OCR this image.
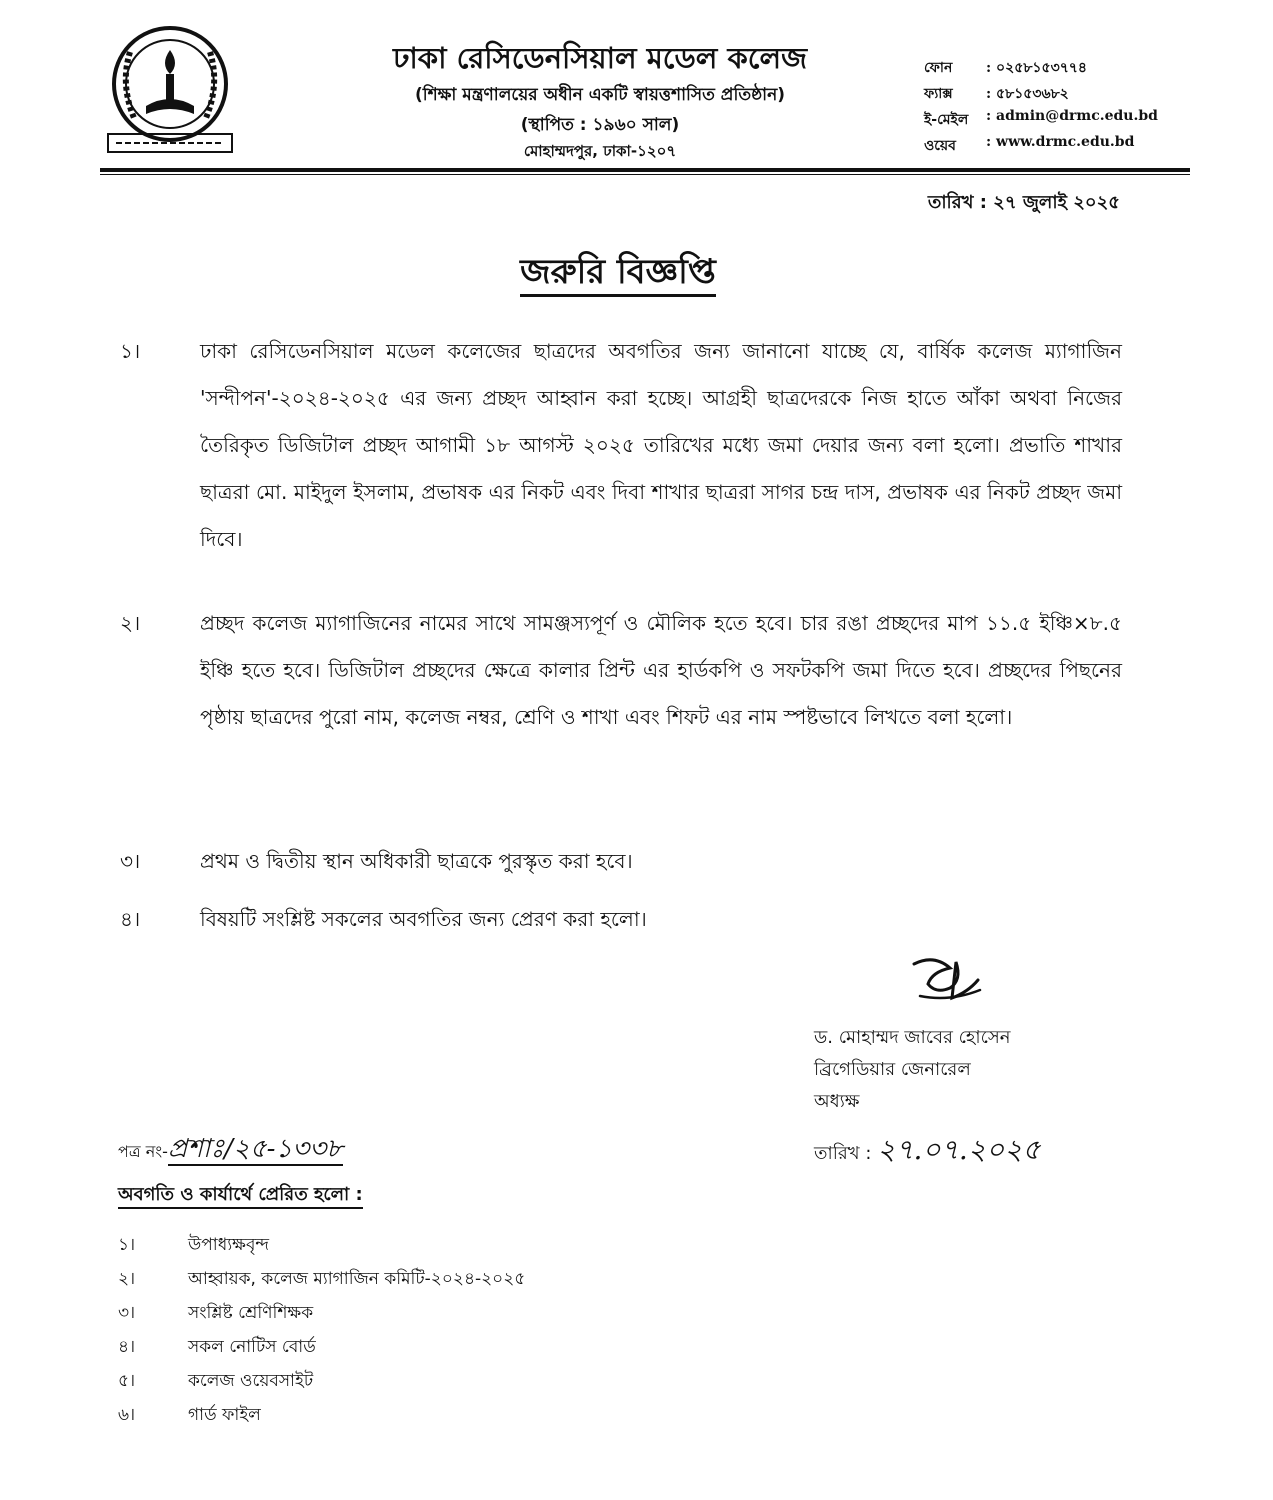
ঢাকা রেসিডেনসিয়াল মডেল কলেজ
(শিক্ষা মন্ত্রণালয়ের অধীন একটি স্বায়ত্তশাসিত প্রতিষ্ঠান)
(স্থাপিত : ১৯৬০ সাল)
মোহাম্মদপুর, ঢাকা-১২০৭
ফোন	: ০২৫৮১৫৩৭৭৪
ফ্যাক্স	: ৫৮১৫৩৬৮২
ই-মেইল	: admin@drmc.edu.bd
ওয়েব	: www.drmc.edu.bd
তারিখ : ২৭ জুলাই ২০২৫
জরুরি বিজ্ঞপ্তি
১।	ঢাকা রেসিডেনসিয়াল মডেল কলেজের ছাত্রদের অবগতির জন্য জানানো যাচ্ছে যে, বার্ষিক কলেজ ম্যাগাজিন 'সন্দীপন'-২০২৪-২০২৫ এর জন্য প্রচ্ছদ আহ্বান করা হচ্ছে। আগ্রহী ছাত্রদেরকে নিজ হাতে আঁকা অথবা নিজের তৈরিকৃত ডিজিটাল প্রচ্ছদ আগামী ১৮ আগস্ট ২০২৫ তারিখের মধ্যে জমা দেয়ার জন্য বলা হলো। প্রভাতি শাখার ছাত্ররা মো. মাইদুল ইসলাম, প্রভাষক এর নিকট এবং দিবা শাখার ছাত্ররা সাগর চন্দ্র দাস, প্রভাষক এর নিকট প্রচ্ছদ জমা দিবে।
২।	প্রচ্ছদ কলেজ ম্যাগাজিনের নামের সাথে সামঞ্জস্যপূর্ণ ও মৌলিক হতে হবে। চার রঙা প্রচ্ছদের মাপ ১১.৫ ইঞ্চি×৮.৫ ইঞ্চি হতে হবে। ডিজিটাল প্রচ্ছদের ক্ষেত্রে কালার প্রিন্ট এর হার্ডকপি ও সফটকপি জমা দিতে হবে। প্রচ্ছদের পিছনের পৃষ্ঠায় ছাত্রদের পুরো নাম, কলেজ নম্বর, শ্রেণি ও শাখা এবং শিফট এর নাম স্পষ্টভাবে লিখতে বলা হলো।
৩।	প্রথম ও দ্বিতীয় স্থান অধিকারী ছাত্রকে পুরস্কৃত করা হবে।
৪।	বিষয়টি সংশ্লিষ্ট সকলের অবগতির জন্য প্রেরণ করা হলো।
ড. মোহাম্মদ জাবের হোসেন
ব্রিগেডিয়ার জেনারেল
অধ্যক্ষ
পত্র নং-প্রশাঃ/২৫-১৩৩৮	তারিখ : ২৭.০৭.২০২৫
অবগতি ও কার্যার্থে প্রেরিত হলো :
১।	উপাধ্যক্ষবৃন্দ
২।	আহ্বায়ক, কলেজ ম্যাগাজিন কমিটি-২০২৪-২০২৫
৩।	সংশ্লিষ্ট শ্রেণিশিক্ষক
৪।	সকল নোটিস বোর্ড
৫।	কলেজ ওয়েবসাইট
৬।	গার্ড ফাইল
